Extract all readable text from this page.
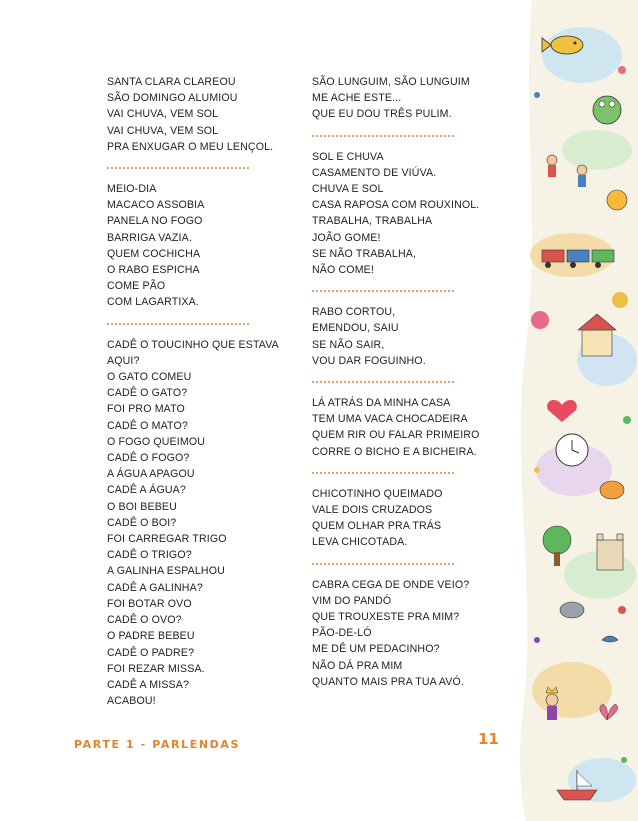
SANTA CLARA CLAREOU
SÃO DOMINGO ALUMIOU
VAI CHUVA, VEM SOL
VAI CHUVA, VEM SOL
PRA ENXUGAR O MEU LENÇOL.
MEIO-DIA
MACACO ASSOBIA
PANELA NO FOGO
BARRIGA VAZIA.
QUEM COCHICHA
O RABO ESPICHA
COME PÃO
COM LAGARTIXA.
CADÊ O TOUCINHO QUE ESTAVA
AQUI?
O GATO COMEU
CADÊ O GATO?
FOI PRO MATO
CADÊ O MATO?
O FOGO QUEIMOU
CADÊ O FOGO?
A ÁGUA APAGOU
CADÊ A ÁGUA?
O BOI BEBEU
CADÊ O BOI?
FOI CARREGAR TRIGO
CADÊ O TRIGO?
A GALINHA ESPALHOU
CADÊ A GALINHA?
FOI BOTAR OVO
CADÊ O OVO?
O PADRE BEBEU
CADÊ O PADRE?
FOI REZAR MISSA.
CADÊ A MISSA?
ACABOU!
SÃO LUNGUIM, SÃO LUNGUIM
ME ACHE ESTE...
QUE EU DOU TRÊS PULIM.
SOL E CHUVA
CASAMENTO DE VIÚVA.
CHUVA E SOL
CASA RAPOSA COM ROUXINOL.
TRABALHA, TRABALHA
JOÃO GOME!
SE NÃO TRABALHA,
NÃO COME!
RABO CORTOU,
EMENDOU, SAIU
SE NÃO SAIR,
VOU DAR FOGUINHO.
LÁ ATRÁS DA MINHA CASA
TEM UMA VACA CHOCADEIRA
QUEM RIR OU FALAR PRIMEIRO
CORRE O BICHO E A BICHEIRA.
CHICOTINHO QUEIMADO
VALE DOIS CRUZADOS
QUEM OLHAR PRA TRÁS
LEVA CHICOTADA.
CABRA CEGA DE ONDE VEIO?
VIM DO PANDÓ
QUE TROUXESTE PRA MIM?
PÃO-DE-LÓ
ME DÊ UM PEDACINHO?
NÃO DÁ PRA MIM
QUANTO MAIS PRA TUA AVÓ.
PARTE 1 - PARLENDAS	11
